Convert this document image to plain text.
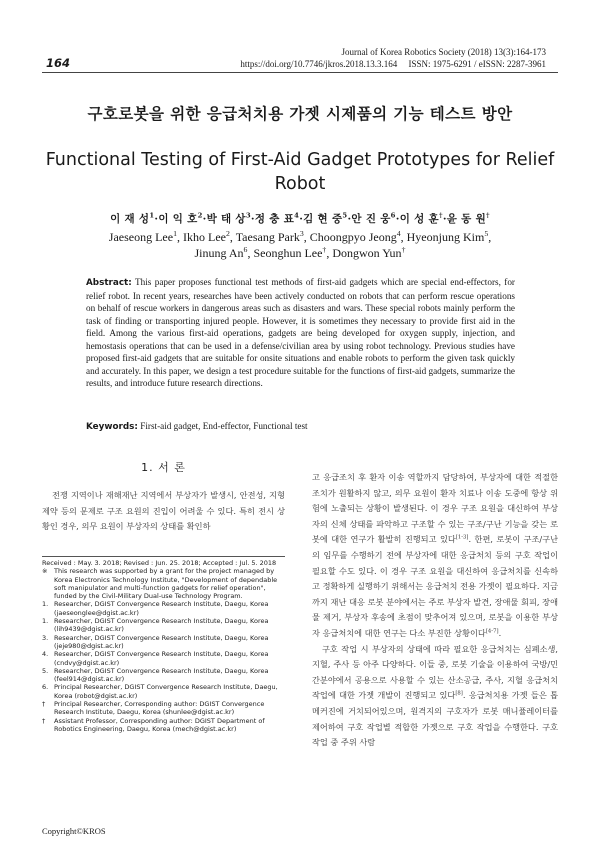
164
Journal of Korea Robotics Society (2018) 13(3):164-173
https://doi.org/10.7746/jkros.2018.13.3.164 ISSN: 1975-6291 / eISSN: 2287-3961
구호로봇을 위한 응급처치용 가젯 시제품의 기능 테스트 방안
Functional Testing of First-Aid Gadget Prototypes for Relief Robot
이 재 성$^1$·이 익 호$^2$·박 태 상$^3$·정 충 표$^4$·김 현 중$^5$·안 진 웅$^6$·이 성 훈†·윤 동 원†
Jaeseong Lee$^1$, Ikho Lee$^2$, Taesang Park$^3$, Choongpyo Jeong$^4$, Hyeonjung Kim$^5$,
Jinung An$^6$, Seonghun Lee†, Dongwon Yun†
Abstract: This paper proposes functional test methods of first-aid gadgets which are special end-effectors, for relief robot. In recent years, researches have been actively conducted on robots that can perform rescue operations on behalf of rescue workers in dangerous areas such as disasters and wars. These special robots mainly perform the task of finding or transporting injured people. However, it is sometimes they necessary to provide first aid in the field. Among the various first-aid operations, gadgets are being developed for oxygen supply, injection, and hemostasis operations that can be used in a defense/civilian area by using robot technology. Previous studies have proposed first-aid gadgets that are suitable for onsite situations and enable robots to perform the given task quickly and accurately. In this paper, we design a test procedure suitable for the functions of first-aid gadgets, summarize the results, and introduce future research directions.
Keywords: First-aid gadget, End-effector, Functional test
1. 서 론
전쟁 지역이나 재해재난 지역에서 부상자가 발생시, 안전성, 지형 제약 등의 문제로 구조 요원의 진입이 어려울 수 있다. 특히 전시 상황인 경우, 의무 요원이 부상자의 상태를 확인하
Received : May. 3. 2018; Revised : Jun. 25. 2018; Accepted : Jul. 5. 2018
※	This research was supported by a grant for the project managed by Korea Electronics Technology Institute, "Development of dependable soft manipulator and multi-function gadgets for relief operation", funded by the Civil-Military Dual-use Technology Program.
1. Researcher, DGIST Convergence Research Institute, Daegu, Korea (jaeseonglee@dgist.ac.kr)
1. Researcher, DGIST Convergence Research Institute, Daegu, Korea (lih9439@dgist.ac.kr)
3. Researcher, DGIST Convergence Research Institute, Daegu, Korea (jeje980@dgist.ac.kr)
4. Researcher, DGIST Convergence Research Institute, Daegu, Korea (cndvy@dgist.ac.kr)
5. Researcher, DGIST Convergence Research Institute, Daegu, Korea (feel914@dgist.ac.kr)
6. Principal Researcher, DGIST Convergence Research Institute, Daegu, Korea (robot@dgist.ac.kr)
†	Principal Researcher, Corresponding author: DGIST Convergence Research Institute, Daegu, Korea (shunlee@dgist.ac.kr)
†	Assistant Professor, Corresponding author: DGIST Department of Robotics Engineering, Daegu, Korea (mech@dgist.ac.kr)
Copyright©KROS
고 응급조치 후 환자 이송 역할까지 담당하여, 부상자에 대한 적절한 조치가 원활하지 않고, 의무 요원이 환자 치료나 이송 도중에 항상 위험에 노출되는 상황이 발생된다. 이 경우 구조 요원을 대신하여 부상자의 신체 상태를 파악하고 구조할 수 있는 구조/구난 기능을 갖는 로봇에 대한 연구가 활발히 진행되고 있다[1-3]. 한편, 로봇이 구조/구난의 임무를 수행하기 전에 부상자에 대한 응급처치 등의 구호 작업이 필요할 수도 있다. 이 경우 구조 요원을 대신하여 응급처치를 신속하고 정확하게 실행하기 위해서는 응급처치 전용 가젯이 필요하다. 지금까지 재난 대응 로봇 분야에서는 주로 부상자 발견, 장애물 회피, 장애물 제거, 부상자 후송에 초점이 맞추어져 있으며, 로봇을 이용한 부상자 응급처치에 대한 연구는 다소 부진한 상황이다[4-7].
구호 작업 시 부상자의 상태에 따라 필요한 응급처치는 심폐소생, 지혈, 주사 등 아주 다양하다. 이들 중, 로봇 기술을 이용하여 국방/민간분야에서 공용으로 사용할 수 있는 산소공급, 주사, 지혈 응급처치 작업에 대한 가젯 개발이 진행되고 있다[8]. 응급처치용 가젯 들은 톱메커진에 거치되어있으며, 원격지의 구호자가 로봇 매니퓰레이터를 제어하여 구호 작업별 적합한 가젯으로 구호 작업을 수행한다. 구호 작업 중 주위 사람
